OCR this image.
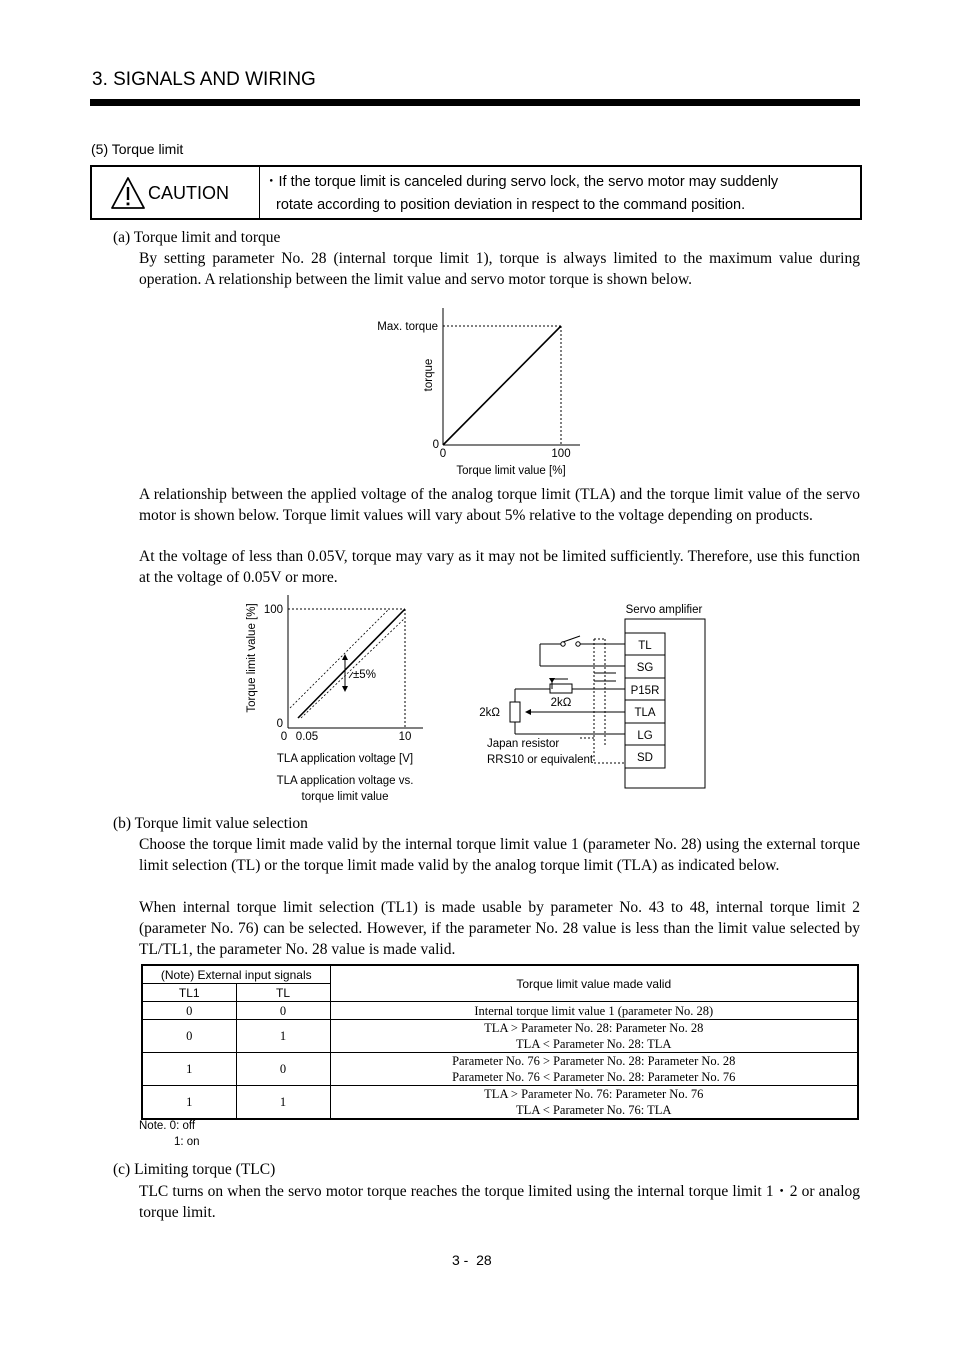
3. SIGNALS AND WIRING
(5) Torque limit
CAUTION
・If the torque limit is canceled during servo lock, the servo motor may suddenly
rotate according to position deviation in respect to the command position.
(a) Torque limit and torque
By setting parameter No. 28 (internal torque limit 1), torque is always limited to the maximum value during operation. A relationship between the limit value and servo motor torque is shown below.
Max. torque
torque
0
0	100
Torque limit value [%]
A relationship between the applied voltage of the analog torque limit (TLA) and the torque limit value of the servo motor is shown below. Torque limit values will vary about 5% relative to the voltage depending on products.
At the voltage of less than 0.05V, torque may vary as it may not be limited sufficiently. Therefore, use this function at the voltage of 0.05V or more.
±5%
100
0
Torque limit value [%]
0 0.05	10
TLA application voltage [V]
TLA application voltage vs.
torque limit value
Servo amplifier
TL
SG
P15R
TLA
LG
SD
2kΩ
2kΩ
Japan resistor
RRS10 or equivalent
(b) Torque limit value selection
Choose the torque limit made valid by the internal torque limit value 1 (parameter No. 28) using the external torque limit selection (TL) or the torque limit made valid by the analog torque limit (TLA) as indicated below.
When internal torque limit selection (TL1) is made usable by parameter No. 43 to 48, internal torque limit 2 (parameter No. 76) can be selected. However, if the parameter No. 28 value is less than the limit value selected by TL/TL1, the parameter No. 28 value is made valid.
(Note) External input signals		Torque limit value made valid
TL1	TL	
0	0	Internal torque limit value 1 (parameter No. 28)
0	1	TLA > Parameter No. 28: Parameter No. 28
TLA < Parameter No. 28: TLA
1	0	Parameter No. 76 > Parameter No. 28: Parameter No. 28
Parameter No. 76 < Parameter No. 28: Parameter No. 76
1	1	TLA > Parameter No. 76: Parameter No. 76
TLA < Parameter No. 76: TLA
Note. 0: off
1: on
(c) Limiting torque (TLC)
TLC turns on when the servo motor torque reaches the torque limited using the internal torque limit 1・2 or analog torque limit.
3 -  28
